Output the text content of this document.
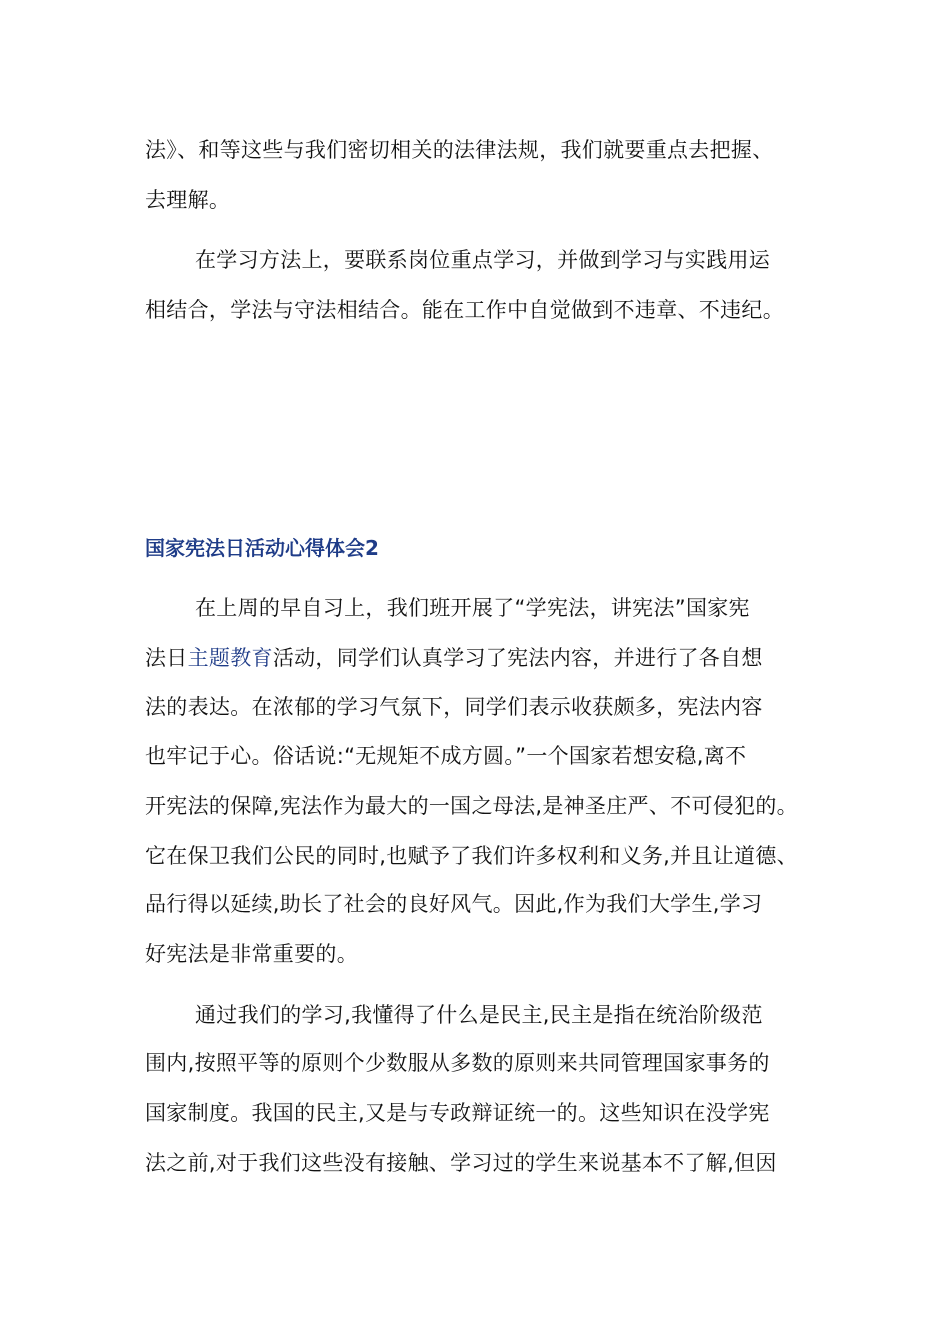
法》、和等这些与我们密切相关的法律法规，我们就要重点去把握、
去理解。
在学习方法上，要联系岗位重点学习，并做到学习与实践用运
相结合，学法与守法相结合。能在工作中自觉做到不违章、不违纪。
国家宪法日活动心得体会2
在上周的早自习上，我们班开展了“学宪法，讲宪法”国家宪
法日主题教育活动，同学们认真学习了宪法内容，并进行了各自想
法的表达。在浓郁的学习气氛下，同学们表示收获颇多，宪法内容
也牢记于心。俗话说:“无规矩不成方圆。”一个国家若想安稳,离不
开宪法的保障,宪法作为最大的一国之母法,是神圣庄严、不可侵犯的。
它在保卫我们公民的同时,也赋予了我们许多权利和义务,并且让道德、
品行得以延续,助长了社会的良好风气。因此,作为我们大学生,学习
好宪法是非常重要的。
通过我们的学习,我懂得了什么是民主,民主是指在统治阶级范
围内,按照平等的原则个少数服从多数的原则来共同管理国家事务的
国家制度。我国的民主,又是与专政辩证统一的。这些知识在没学宪
法之前,对于我们这些没有接触、学习过的学生来说基本不了解,但因
